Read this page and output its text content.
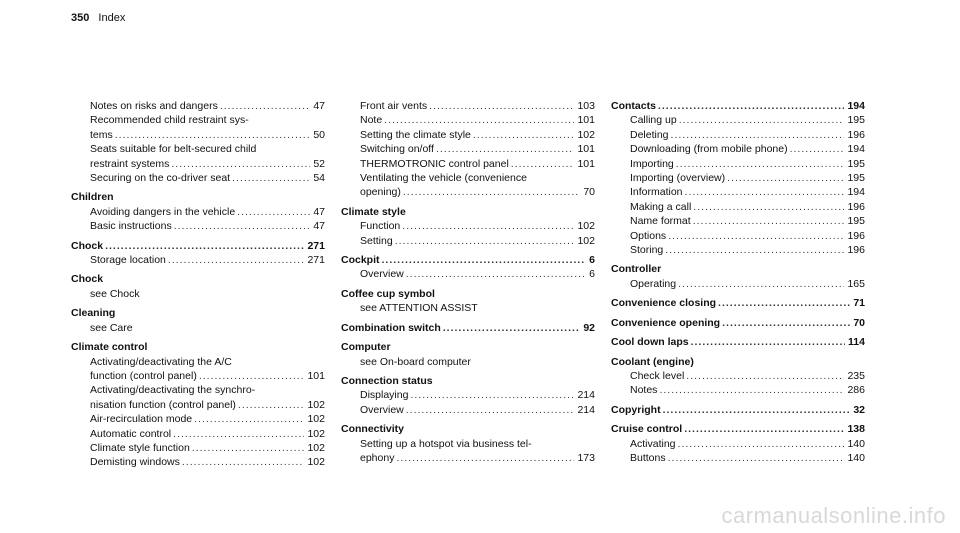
350 Index
Notes on risks and dangers .....	47
Recommended child restraint sys-
tems .....	50
Seats suitable for belt-secured child
restraint systems .....	52
Securing on the co-driver seat .....	54
Children
Avoiding dangers in the vehicle .....	47
Basic instructions .....	47
Chock .....	271
Storage location .....	271
Chock
see Chock
Cleaning
see Care
Climate control
Activating/deactivating the A/C
function (control panel) .....	101
Activating/deactivating the synchro-
nisation function (control panel) .....	102
Air-recirculation mode .....	102
Automatic control .....	102
Climate style function .....	102
Demisting windows .....	102
Front air vents .....	103
Note .....	101
Setting the climate style .....	102
Switching on/off .....	101
THERMOTRONIC control panel .....	101
Ventilating the vehicle (convenience
opening) .....	70
Climate style
Function .....	102
Setting .....	102
Cockpit .....	6
Overview .....	6
Coffee cup symbol
see ATTENTION ASSIST
Combination switch .....	92
Computer
see On-board computer
Connection status
Displaying .....	214
Overview .....	214
Connectivity
Setting up a hotspot via business tel-
ephony .....	173
Contacts .....	194
Calling up .....	195
Deleting .....	196
Downloading (from mobile phone) .....	194
Importing .....	195
Importing (overview) .....	195
Information .....	194
Making a call .....	196
Name format .....	195
Options .....	196
Storing .....	196
Controller
Operating .....	165
Convenience closing .....	71
Convenience opening .....	70
Cool down laps .....	114
Coolant (engine)
Check level .....	235
Notes .....	286
Copyright .....	32
Cruise control .....	138
Activating .....	140
Buttons .....	140
carmanualsonline.info
